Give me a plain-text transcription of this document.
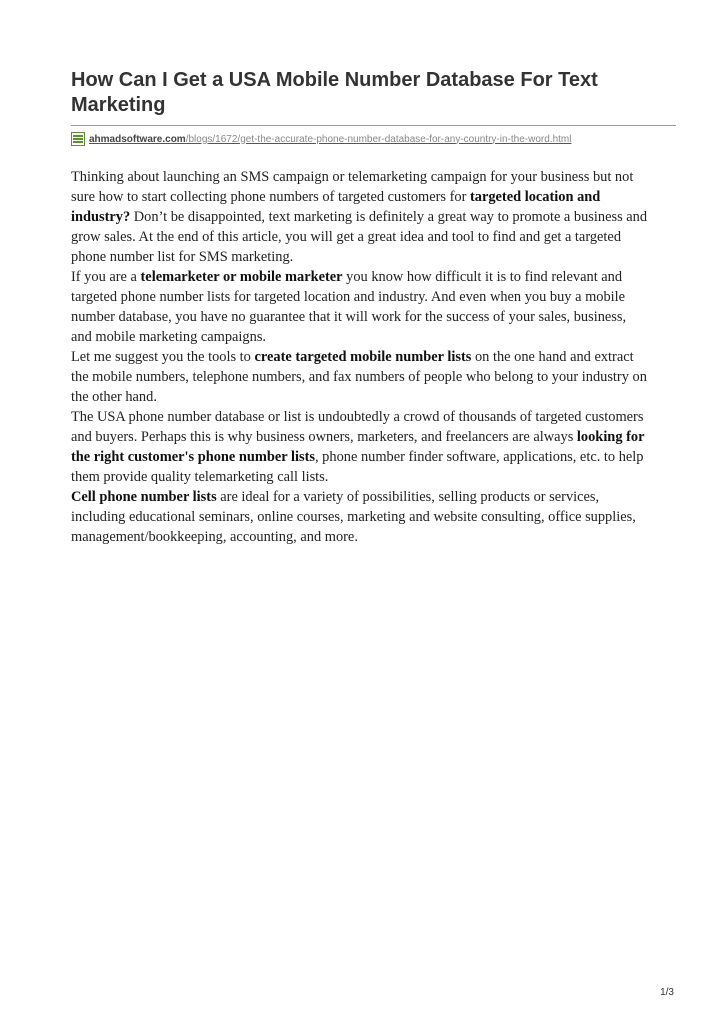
How Can I Get a USA Mobile Number Database For Text Marketing
ahmadsoftware.com/blogs/1672/get-the-accurate-phone-number-database-for-any-country-in-the-word.html

Thinking about launching an SMS campaign or telemarketing campaign for your business but not sure how to start collecting phone numbers of targeted customers for targeted location and industry? Don’t be disappointed, text marketing is definitely a great way to promote a business and grow sales. At the end of this article, you will get a great idea and tool to find and get a targeted phone number list for SMS marketing.

If you are a telemarketer or mobile marketer you know how difficult it is to find relevant and targeted phone number lists for targeted location and industry. And even when you buy a mobile number database, you have no guarantee that it will work for the success of your sales, business, and mobile marketing campaigns.

Let me suggest you the tools to create targeted mobile number lists on the one hand and extract the mobile numbers, telephone numbers, and fax numbers of people who belong to your industry on the other hand.

The USA phone number database or list is undoubtedly a crowd of thousands of targeted customers and buyers. Perhaps this is why business owners, marketers, and freelancers are always looking for the right customer's phone number lists, phone number finder software, applications, etc. to help them provide quality telemarketing call lists.

Cell phone number lists are ideal for a variety of possibilities, selling products or services, including educational seminars, online courses, marketing and website consulting, office supplies, management/bookkeeping, accounting, and more.

1/3
